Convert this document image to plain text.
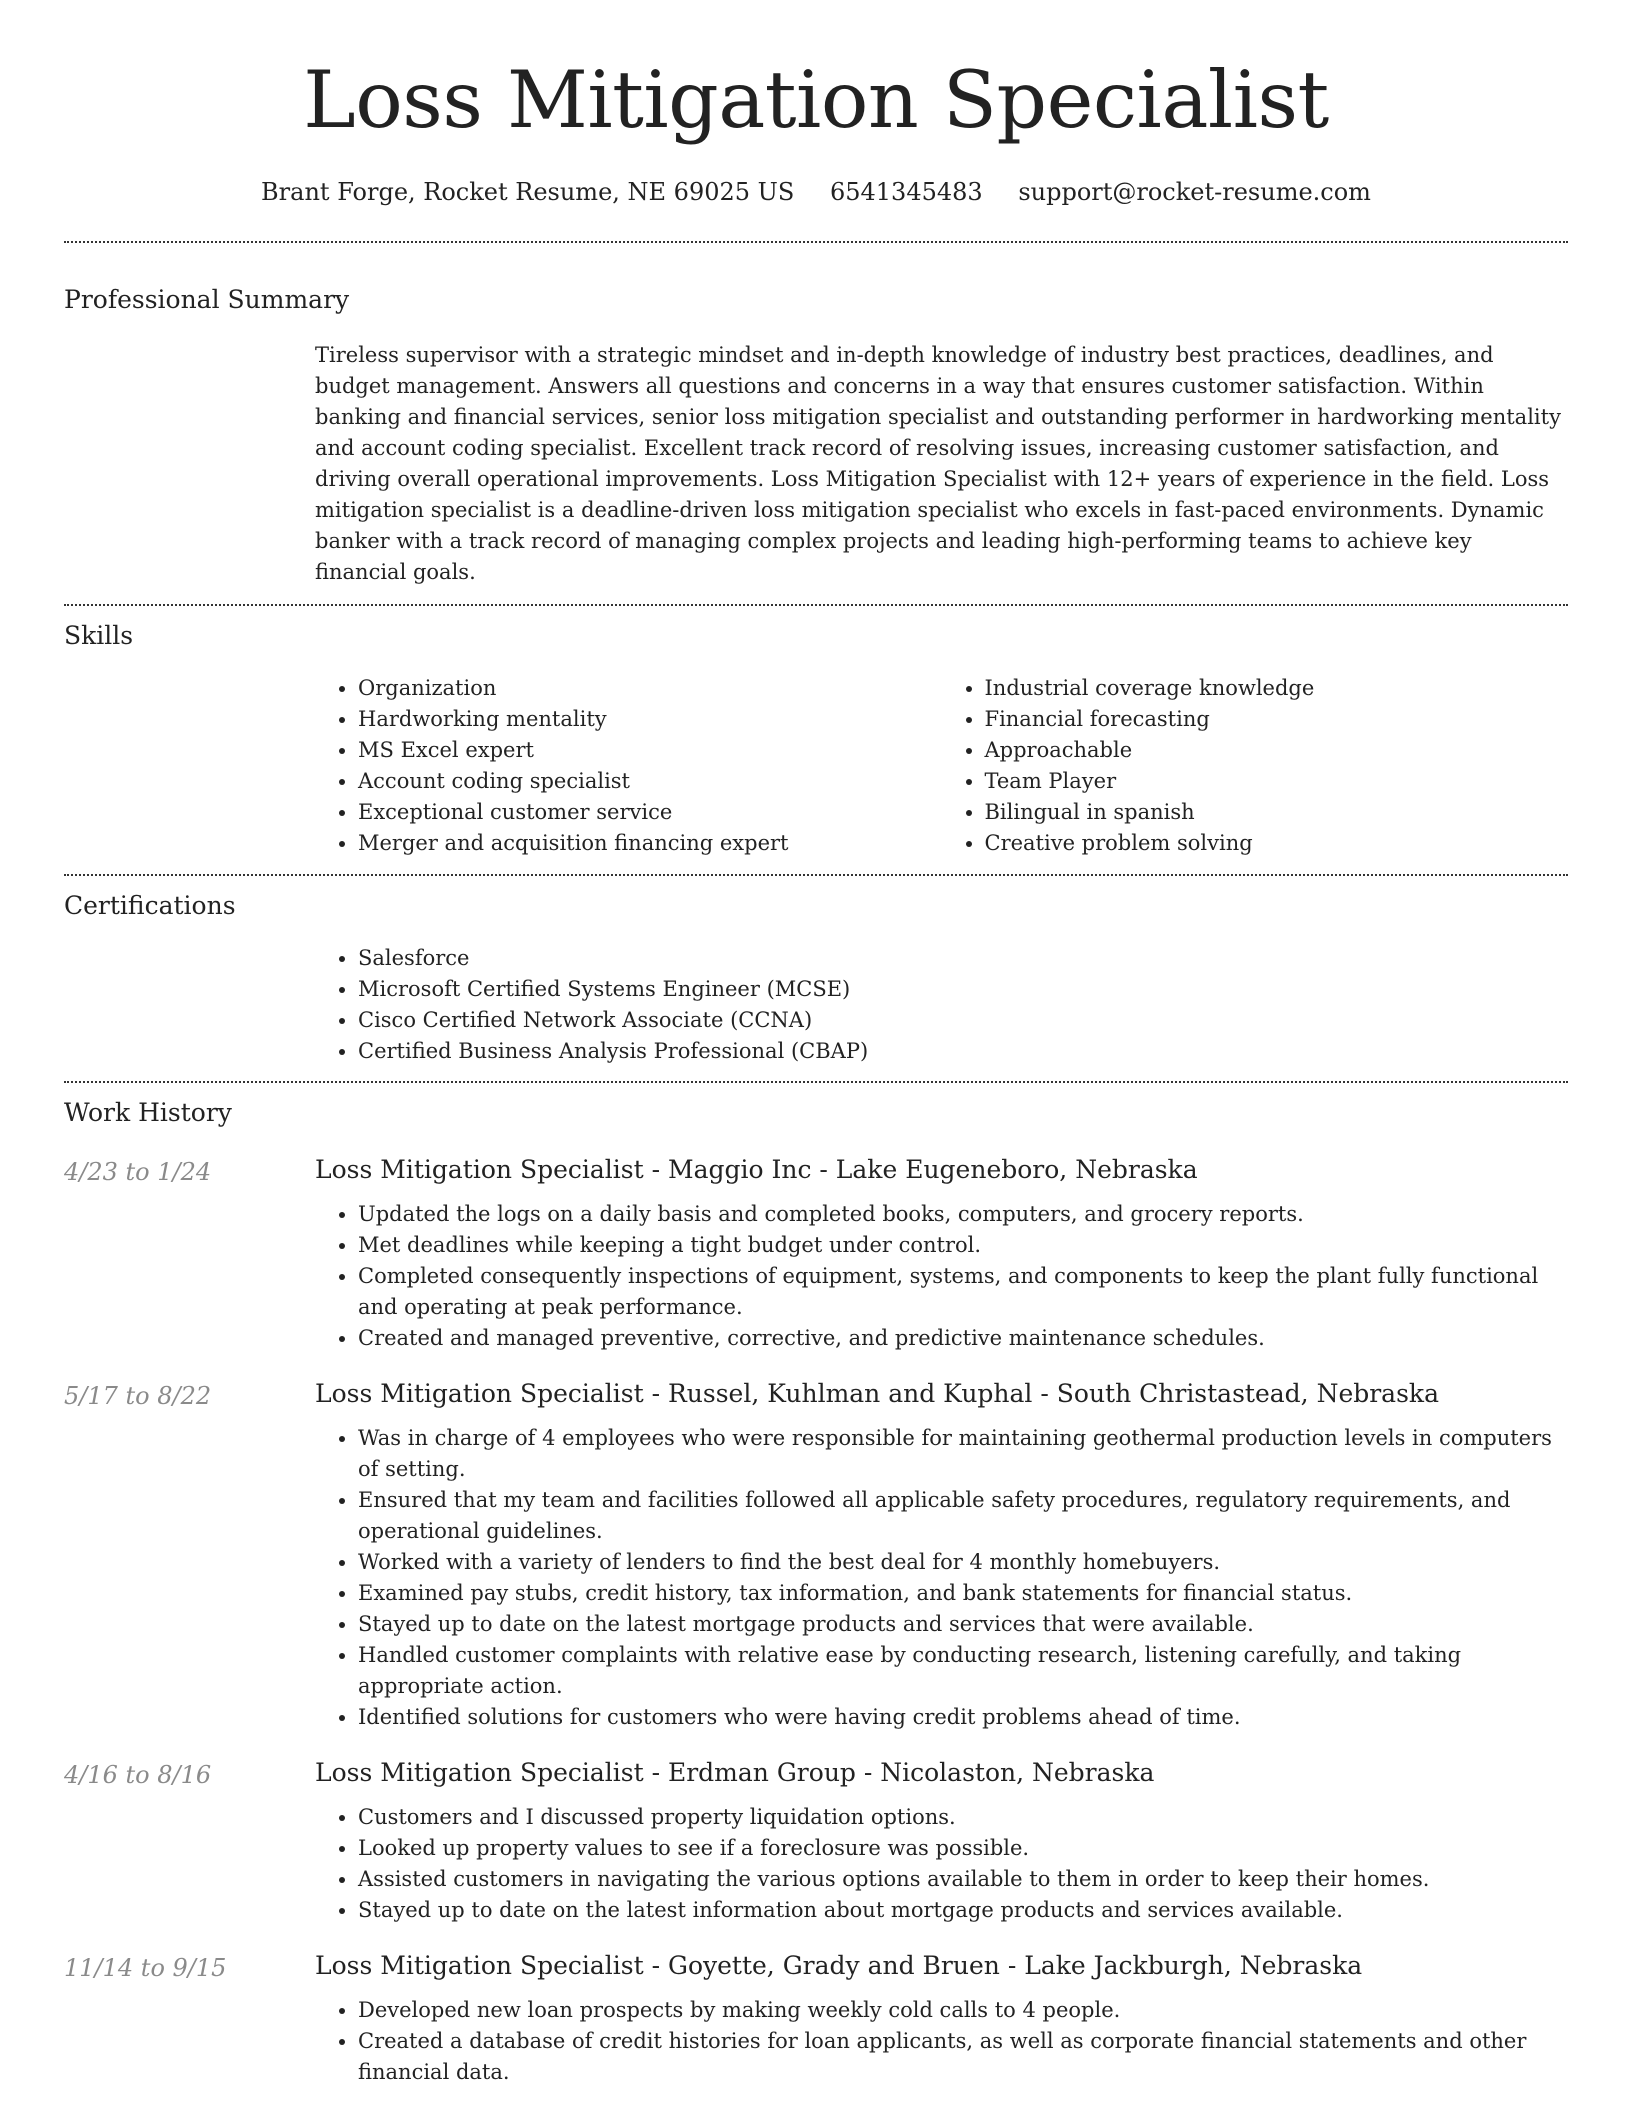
Loss Mitigation Specialist
Brant Forge, Rocket Resume, NE 69025 US 6541345483 support@rocket-resume.com
Professional Summary
Tireless supervisor with a strategic mindset and in-depth knowledge of industry best practices, deadlines, and budget management. Answers all questions and concerns in a way that ensures customer satisfaction. Within banking and financial services, senior loss mitigation specialist and outstanding performer in hardworking mentality and account coding specialist. Excellent track record of resolving issues, increasing customer satisfaction, and driving overall operational improvements. Loss Mitigation Specialist with 12+ years of experience in the field. Loss mitigation specialist is a deadline-driven loss mitigation specialist who excels in fast-paced environments. Dynamic banker with a track record of managing complex projects and leading high-performing teams to achieve key financial goals.
Skills
• Organization
• Hardworking mentality
• MS Excel expert
• Account coding specialist
• Exceptional customer service
• Merger and acquisition financing expert
• Industrial coverage knowledge
• Financial forecasting
• Approachable
• Team Player
• Bilingual in spanish
• Creative problem solving
Certifications
• Salesforce
• Microsoft Certified Systems Engineer (MCSE)
• Cisco Certified Network Associate (CCNA)
• Certified Business Analysis Professional (CBAP)
Work History
4/23 to 1/24	Loss Mitigation Specialist - Maggio Inc - Lake Eugeneboro, Nebraska
• Updated the logs on a daily basis and completed books, computers, and grocery reports.
• Met deadlines while keeping a tight budget under control.
• Completed consequently inspections of equipment, systems, and components to keep the plant fully functional and operating at peak performance.
• Created and managed preventive, corrective, and predictive maintenance schedules.
5/17 to 8/22	Loss Mitigation Specialist - Russel, Kuhlman and Kuphal - South Christastead, Nebraska
• Was in charge of 4 employees who were responsible for maintaining geothermal production levels in computers of setting.
• Ensured that my team and facilities followed all applicable safety procedures, regulatory requirements, and operational guidelines.
• Worked with a variety of lenders to find the best deal for 4 monthly homebuyers.
• Examined pay stubs, credit history, tax information, and bank statements for financial status.
• Stayed up to date on the latest mortgage products and services that were available.
• Handled customer complaints with relative ease by conducting research, listening carefully, and taking appropriate action.
• Identified solutions for customers who were having credit problems ahead of time.
4/16 to 8/16	Loss Mitigation Specialist - Erdman Group - Nicolaston, Nebraska
• Customers and I discussed property liquidation options.
• Looked up property values to see if a foreclosure was possible.
• Assisted customers in navigating the various options available to them in order to keep their homes.
• Stayed up to date on the latest information about mortgage products and services available.
11/14 to 9/15	Loss Mitigation Specialist - Goyette, Grady and Bruen - Lake Jackburgh, Nebraska
• Developed new loan prospects by making weekly cold calls to 4 people.
• Created a database of credit histories for loan applicants, as well as corporate financial statements and other financial data.
